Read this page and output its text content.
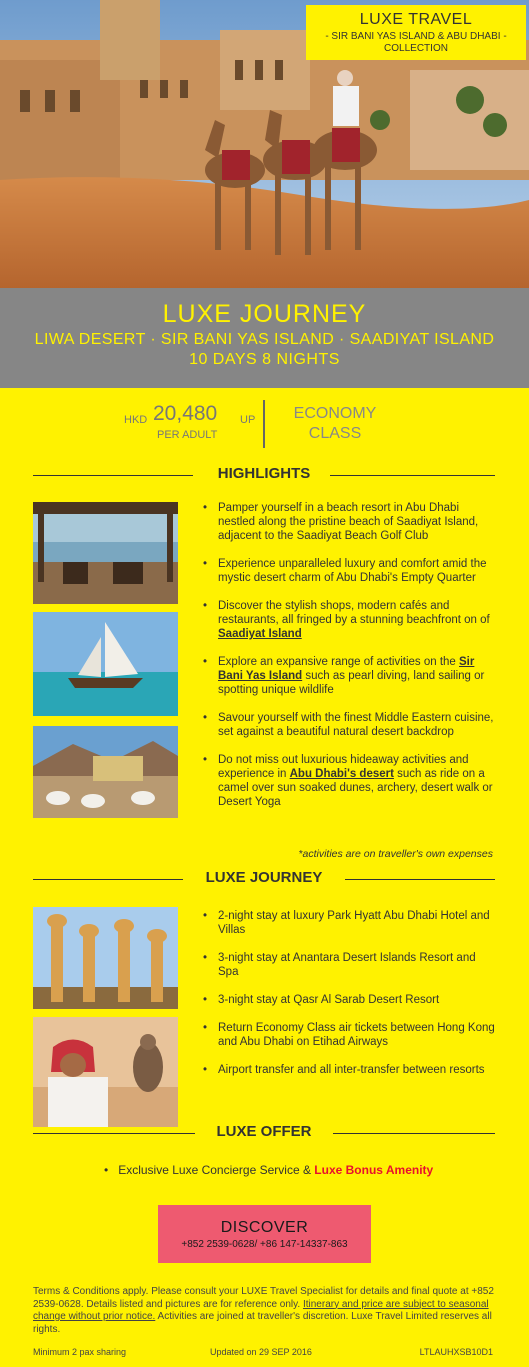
LUXE TRAVEL
- SIR BANI YAS ISLAND & ABU DHABI - COLLECTION
LUXE JOURNEY
LIWA DESERT · SIR BANI YAS ISLAND · SAADIYAT ISLAND
10 DAYS 8 NIGHTS
HKD 20,480 UP
PER ADULT
ECONOMY
CLASS
HIGHLIGHTS
• Pamper yourself in a beach resort in Abu Dhabi nestled along the pristine beach of Saadiyat Island, adjacent to the Saadiyat Beach Golf Club
• Experience unparalleled luxury and comfort amid the mystic desert charm of Abu Dhabi's Empty Quarter
• Discover the stylish shops, modern cafés and restaurants, all fringed by a stunning beachfront on of Saadiyat Island
• Explore an expansive range of activities on the Sir Bani Yas Island such as pearl diving, land sailing or spotting unique wildlife
• Savour yourself with the finest Middle Eastern cuisine, set against a beautiful natural desert backdrop
• Do not miss out luxurious hideaway activities and experience in Abu Dhabi's desert such as ride on a camel over sun soaked dunes, archery, desert walk or Desert Yoga
*activities are on traveller's own expenses
LUXE JOURNEY
• 2-night stay at luxury Park Hyatt Abu Dhabi Hotel and Villas
• 3-night stay at Anantara Desert Islands Resort and Spa
• 3-night stay at Qasr Al Sarab Desert Resort
• Return Economy Class air tickets between Hong Kong and Abu Dhabi on Etihad Airways
• Airport transfer and all inter-transfer between resorts
LUXE OFFER
•   Exclusive Luxe Concierge Service & Luxe Bonus Amenity
DISCOVER
+852 2539-0628/ +86 147-14337-863
Terms & Conditions apply. Please consult your LUXE Travel Specialist for details and final quote at +852 2539-0628. Details listed and pictures are for reference only. Itinerary and price are subject to seasonal change without prior notice. Activities are joined at traveller's discretion. Luxe Travel Limited reserves all rights.
Minimum 2 pax sharing	Updated on 29 SEP 2016	LTLAUHXSB10D1
